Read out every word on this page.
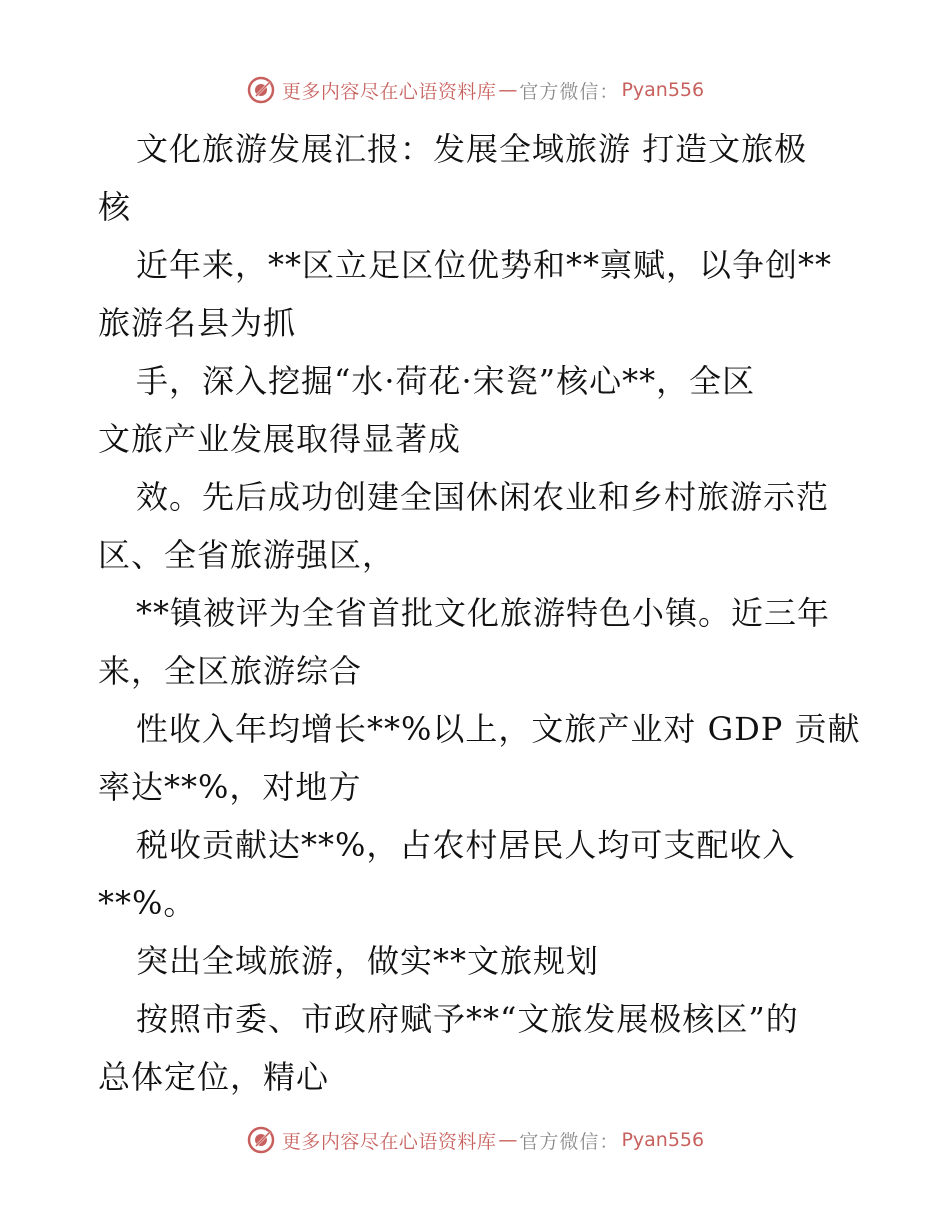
更多内容尽在心语资料库 — 官方微信： Pyan556
文化旅游发展汇报：发展全域旅游 打造文旅极
核
近年来，**区立足区位优势和**禀赋，以争创**
旅游名县为抓
手，深入挖掘“水·荷花·宋瓷”核心**，全区
文旅产业发展取得显著成
效。先后成功创建全国休闲农业和乡村旅游示范
区、全省旅游强区，
**镇被评为全省首批文化旅游特色小镇。近三年
来，全区旅游综合
性收入年均增长**%以上，文旅产业对 GDP 贡献
率达**%，对地方
税收贡献达**%，占农村居民人均可支配收入
**%。
突出全域旅游，做实**文旅规划
按照市委、市政府赋予**“文旅发展极核区”的
总体定位，精心
更多内容尽在心语资料库 — 官方微信： Pyan556
